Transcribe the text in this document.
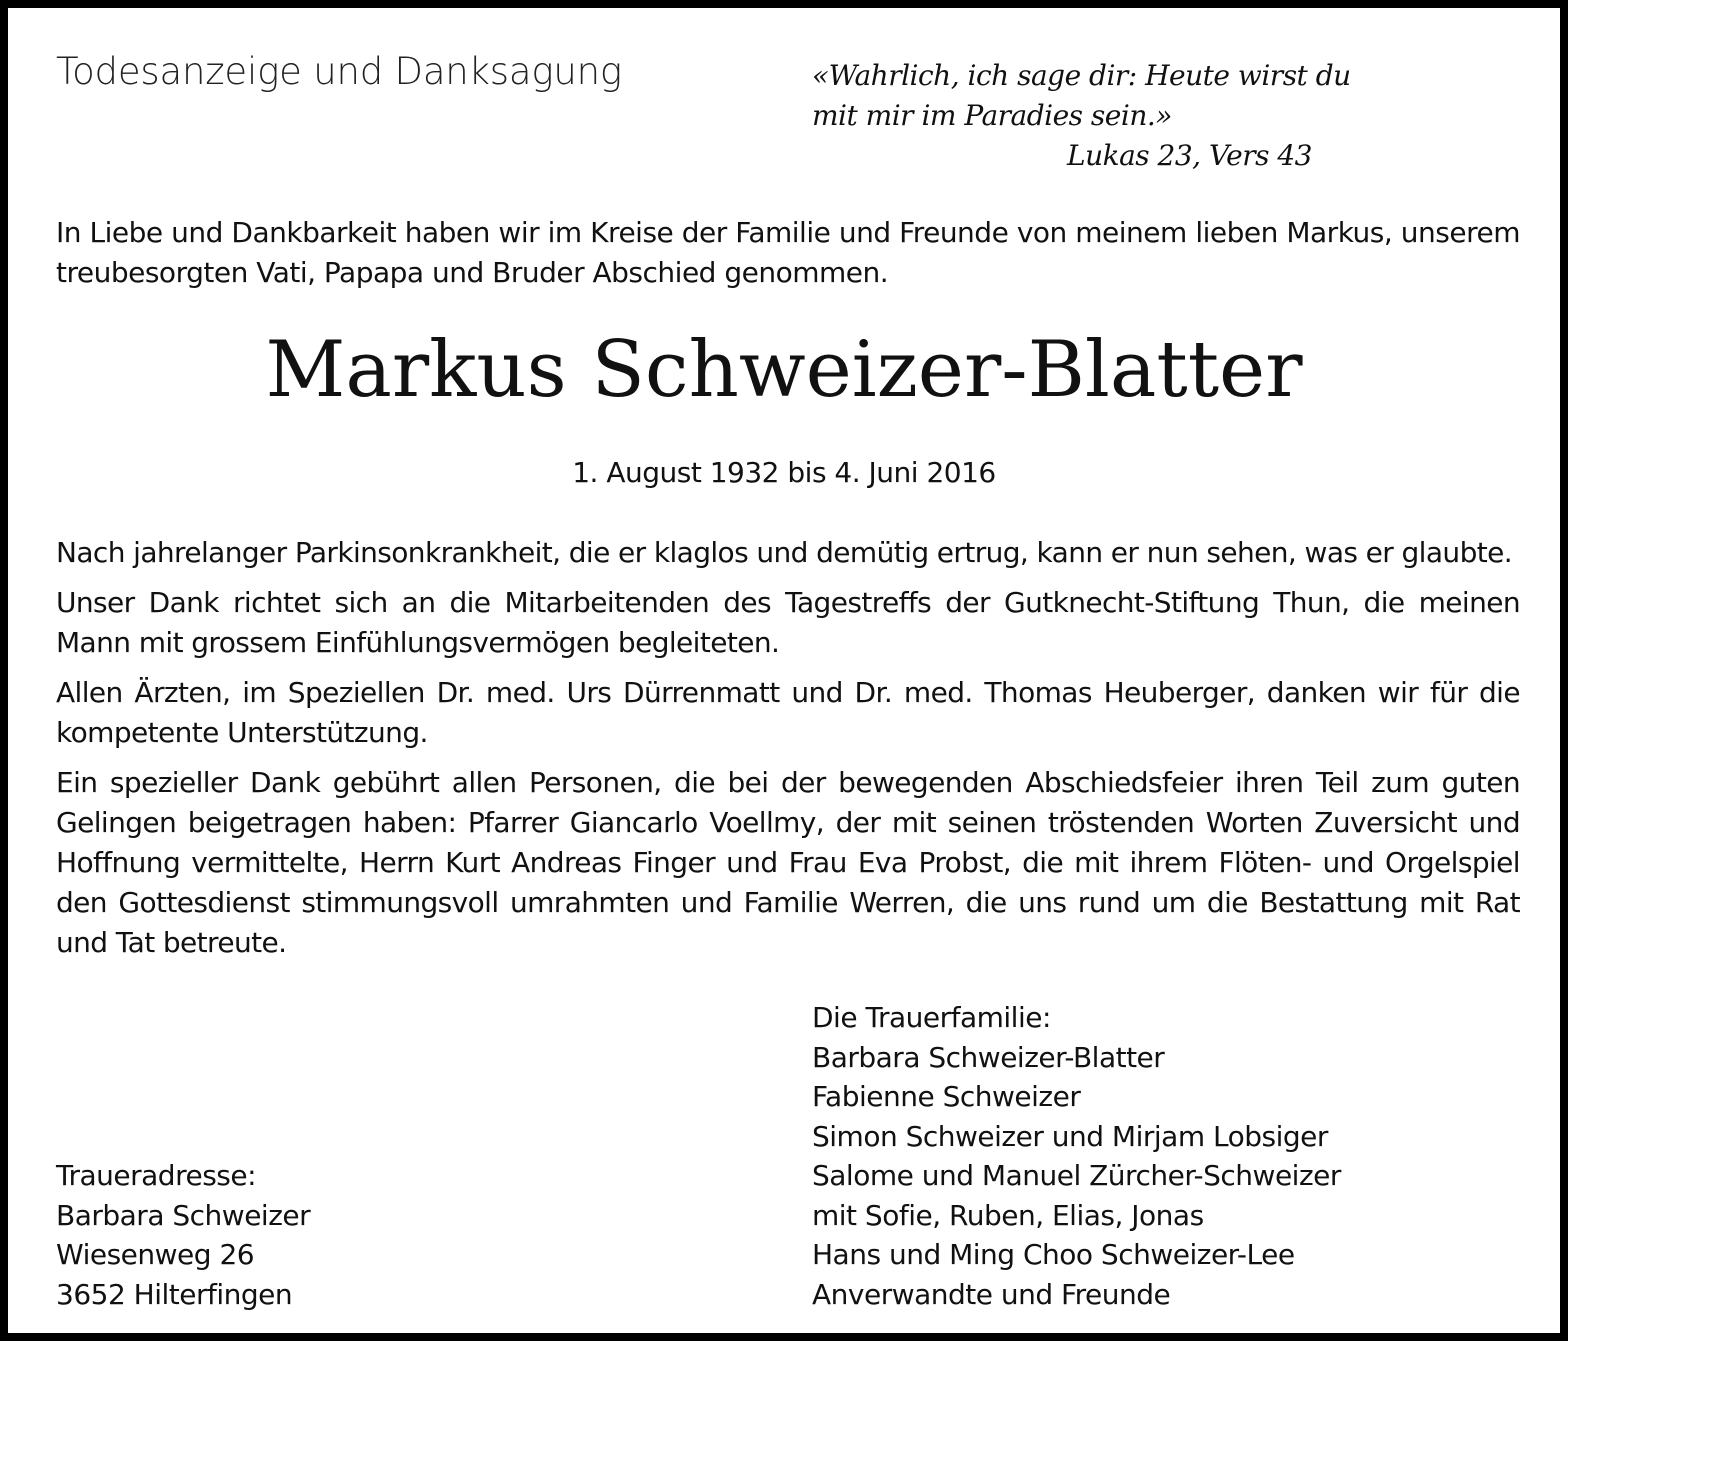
Todesanzeige und Danksagung	«Wahrlich, ich sage dir: Heute wirst du
mit mir im Paradies sein.»
Lukas 23, Vers 43
In Liebe und Dankbarkeit haben wir im Kreise der Familie und Freunde von meinem lieben Markus, unserem treubesorgten Vati, Papapa und Bruder Abschied genommen.
Markus Schweizer-Blatter
1. August 1932 bis 4. Juni 2016

Nach jahrelanger Parkinsonkrankheit, die er klaglos und demütig ertrug, kann er nun sehen, was er glaubte.

Unser Dank richtet sich an die Mitarbeitenden des Tagestreffs der Gutknecht-Stiftung Thun, die meinen Mann mit grossem Einfühlungsvermögen begleiteten.

Allen Ärzten, im Speziellen Dr. med. Urs Dürrenmatt und Dr. med. Thomas Heuberger, danken wir für die kompetente Unterstützung.

Ein spezieller Dank gebührt allen Personen, die bei der bewegenden Abschiedsfeier ihren Teil zum guten Gelingen beigetragen haben: Pfarrer Giancarlo Voellmy, der mit seinen tröstenden Worten Zuversicht und Hoffnung vermittelte, Herrn Kurt Andreas Finger und Frau Eva Probst, die mit ihrem Flöten- und Orgelspiel den Gottesdienst stimmungsvoll umrahmten und Familie Werren, die uns rund um die Bestattung mit Rat und Tat betreute.

Die Trauerfamilie:
Barbara Schweizer-Blatter
Fabienne Schweizer
Simon Schweizer und Mirjam Lobsiger
Salome und Manuel Zürcher-Schweizer
mit Sofie, Ruben, Elias, Jonas
Hans und Ming Choo Schweizer-Lee
Anverwandte und Freunde
Traueradresse:
Barbara Schweizer
Wiesenweg 26
3652 Hilterfingen
